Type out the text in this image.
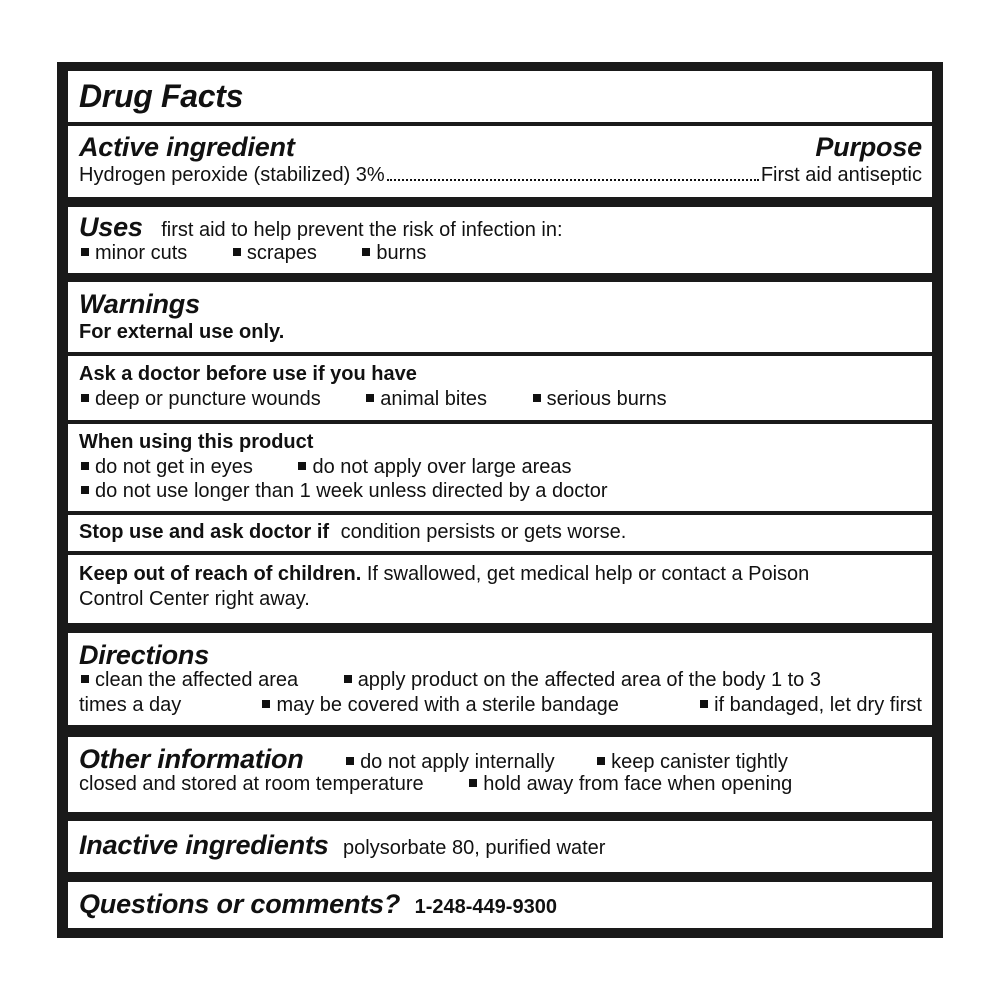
Drug Facts
Active ingredient	Purpose
Hydrogen peroxide (stabilized) 3%	First aid antiseptic
Uses first aid to help prevent the risk of infection in:
minor cuts	scrapes	burns
Warnings
For external use only.
Ask a doctor before use if you have
deep or puncture wounds	animal bites	serious burns
When using this product
do not get in eyes	do not apply over large areas
do not use longer than 1 week unless directed by a doctor
Stop use and ask doctor if condition persists or gets worse.
Keep out of reach of children. If swallowed, get medical help or contact a Poison
Control Center right away.
Directions
clean the affected area	apply product on the affected area of the body 1 to 3
times a day	may be covered with a sterile bandage	if bandaged, let dry first
Other information	do not apply internally	keep canister tightly
closed and stored at room temperature	hold away from face when opening
Inactive ingredients polysorbate 80, purified water
Questions or comments? 1-248-449-9300
